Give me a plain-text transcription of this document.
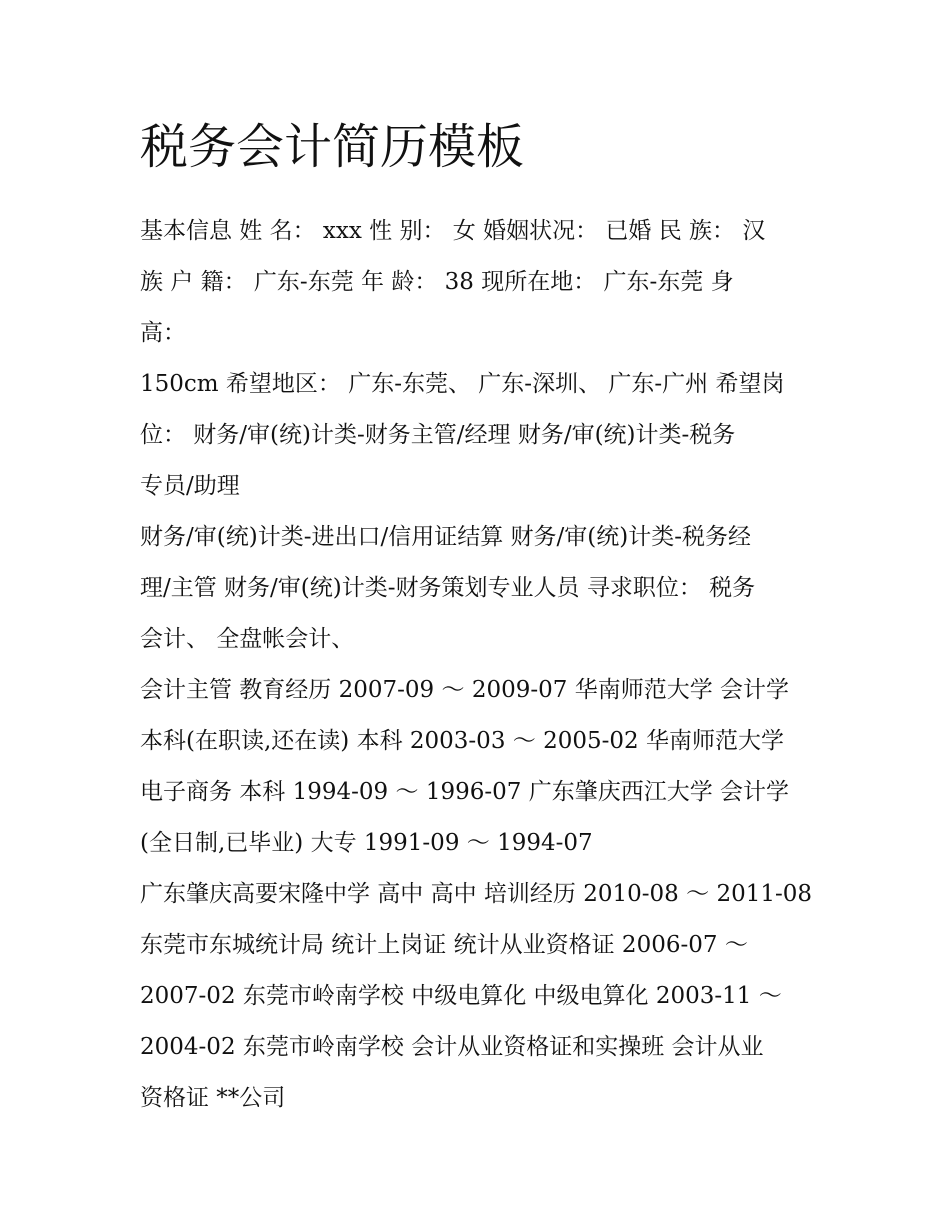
税务会计简历模板
基本信息 姓 名： xxx 性 别： 女 婚姻状况： 已婚 民 族： 汉
族 户 籍： 广东-东莞 年 龄： 38 现所在地： 广东-东莞 身
高：
150cm 希望地区： 广东-东莞、 广东-深圳、 广东-广州 希望岗
位： 财务/审(统)计类-财务主管/经理 财务/审(统)计类-税务
专员/助理
财务/审(统)计类-进出口/信用证结算 财务/审(统)计类-税务经
理/主管 财务/审(统)计类-财务策划专业人员 寻求职位： 税务
会计、 全盘帐会计、
会计主管 教育经历 2007-09 ～ 2009-07 华南师范大学 会计学
本科(在职读,还在读) 本科 2003-03 ～ 2005-02 华南师范大学
电子商务 本科 1994-09 ～ 1996-07 广东肇庆西江大学 会计学
(全日制,已毕业) 大专 1991-09 ～ 1994-07
广东肇庆高要宋隆中学 高中 高中 培训经历 2010-08 ～ 2011-08
东莞市东城统计局 统计上岗证 统计从业资格证 2006-07 ～
2007-02 东莞市岭南学校 中级电算化 中级电算化 2003-11 ～
2004-02 东莞市岭南学校 会计从业资格证和实操班 会计从业
资格证 **公司
